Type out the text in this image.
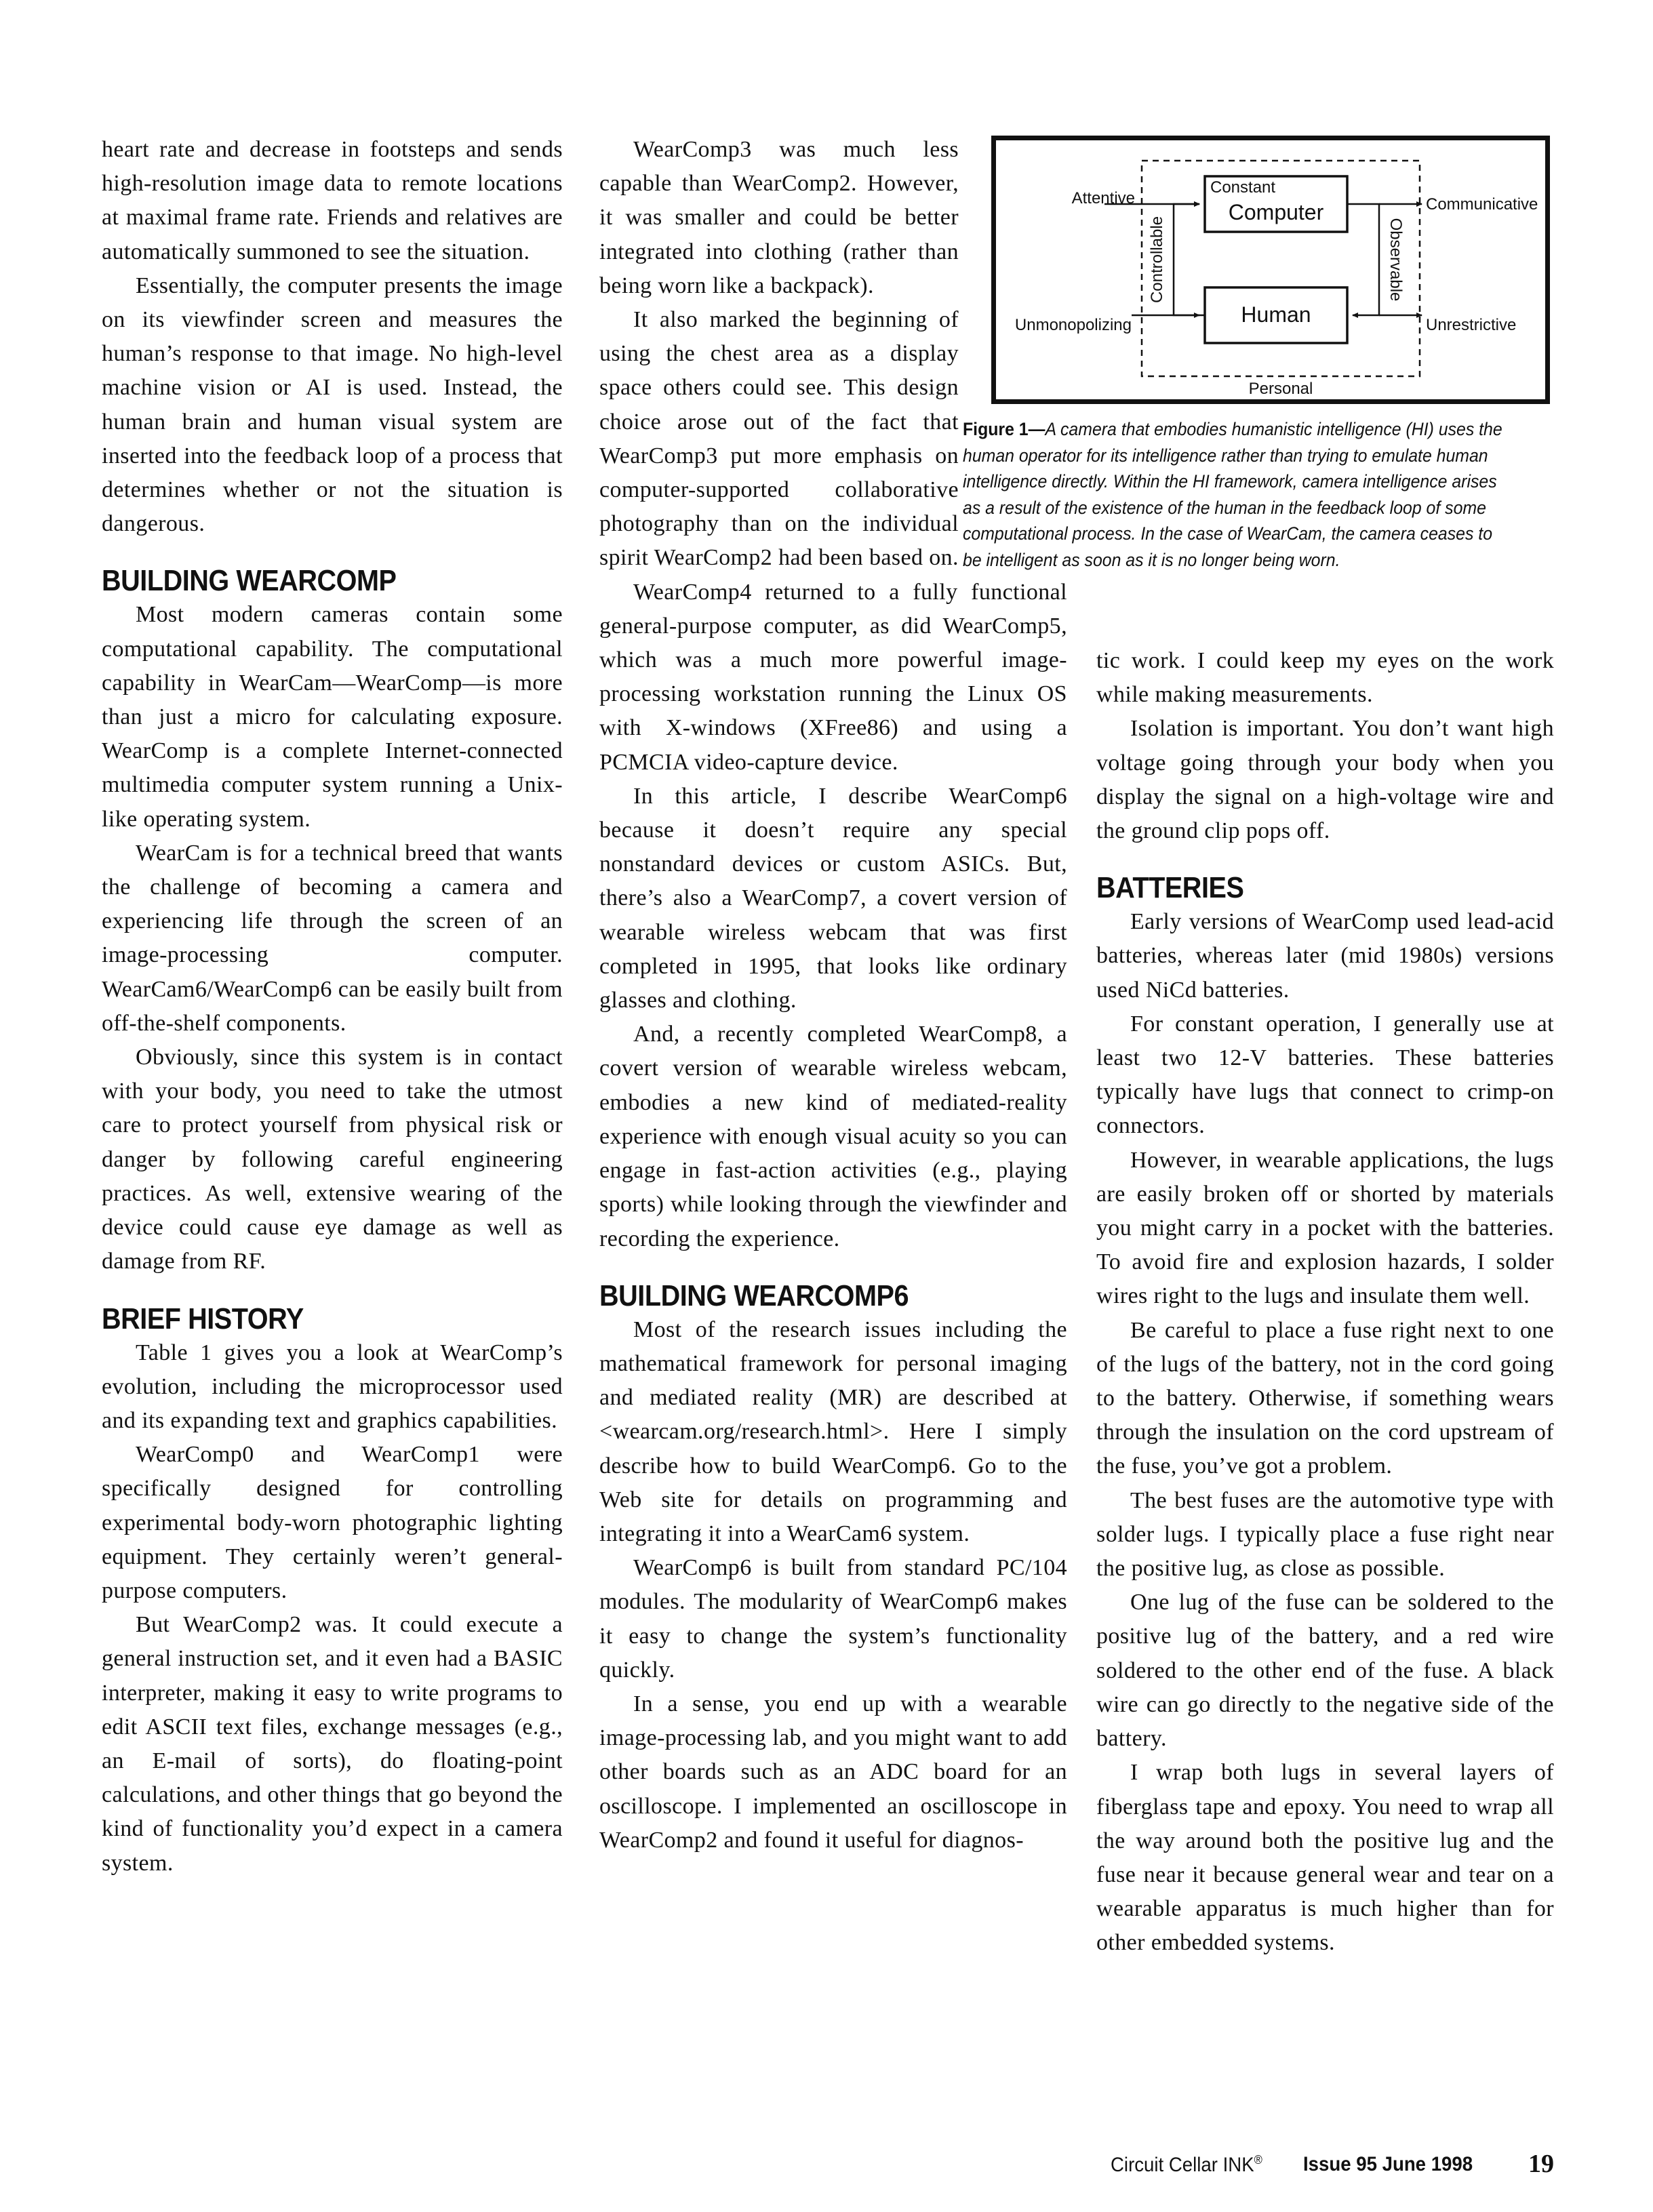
heart rate and decrease in footsteps and sends high-resolution image data to remote locations at maximal frame rate. Friends and relatives are automatically summoned to see the situation.

Essentially, the computer presents the image on its viewfinder screen and measures the human’s response to that image. No high-level machine vision or AI is used. Instead, the human brain and human visual system are inserted into the feedback loop of a process that determines whether or not the situation is dangerous.

BUILDING WEARCOMP

Most modern cameras contain some computational capability. The computational capability in WearCam—WearComp—is more than just a micro for calculating exposure. WearComp is a complete Internet-connected multimedia computer system running a Unix-like operating system.

WearCam is for a technical breed that wants the challenge of becoming a camera and experiencing life through the screen of an image-processing computer. WearCam6/WearComp6 can be easily built from off-the-shelf components.

Obviously, since this system is in contact with your body, you need to take the utmost care to protect yourself from physical risk or danger by following careful engineering practices. As well, extensive wearing of the device could cause eye damage as well as damage from RF.

BRIEF HISTORY

Table 1 gives you a look at WearComp’s evolution, including the microprocessor used and its expanding text and graphics capabilities.

WearComp0 and WearComp1 were specifically designed for controlling experimental body-worn photographic lighting equipment. They certainly weren’t general-purpose computers.

But WearComp2 was. It could execute a general instruction set, and it even had a BASIC interpreter, making it easy to write programs to edit ASCII text files, exchange messages (e.g., an E-mail of sorts), do floating-point calculations, and other things that go beyond the kind of functionality you’d expect in a camera system.

WearComp3 was much less capable than WearComp2. However, it was smaller and could be better integrated into clothing (rather than being worn like a backpack).

It also marked the beginning of using the chest area as a display space others could see. This design choice arose out of the fact that WearComp3 put more emphasis on computer-supported collaborative photography than on the individual spirit WearComp2 had been based on.

WearComp4 returned to a fully functional general-purpose computer, as did WearComp5, which was a much more powerful image-processing workstation running the Linux OS with X-windows (XFree86) and using a PCMCIA video-capture device.

In this article, I describe WearComp6 because it doesn’t require any special nonstandard devices or custom ASICs. But, there’s also a WearComp7, a covert version of wearable wireless webcam that was first completed in 1995, that looks like ordinary glasses and clothing.

And, a recently completed WearComp8, a covert version of wearable wireless webcam, embodies a new kind of mediated-reality experience with enough visual acuity so you can engage in fast-action activities (e.g., playing sports) while looking through the viewfinder and recording the experience.

BUILDING WEARCOMP6

Most of the research issues including the mathematical framework for personal imaging and mediated reality (MR) are described at <wearcam.org/research.html>. Here I simply describe how to build WearComp6. Go to the Web site for details on programming and integrating it into a WearCam6 system.

WearComp6 is built from standard PC/104 modules. The modularity of WearComp6 makes it easy to change the system’s functionality quickly.

In a sense, you end up with a wearable image-processing lab, and you might want to add other boards such as an ADC board for an oscilloscope. I implemented an oscilloscope in WearComp2 and found it useful for diagnos-

Constant
Computer
Human
Controllable	Observable
Attentive
Unmonopolizing
Communicative
Unrestrictive
Personal
Figure 1—A camera that embodies humanistic intelligence (HI) uses the human operator for its intelligence rather than trying to emulate human intelligence directly. Within the HI framework, camera intelligence arises as a result of the existence of the human in the feedback loop of some computational process. In the case of WearCam, the camera ceases to be intelligent as soon as it is no longer being worn.

tic work. I could keep my eyes on the work while making measurements.

Isolation is important. You don’t want high voltage going through your body when you display the signal on a high-voltage wire and the ground clip pops off.

BATTERIES

Early versions of WearComp used lead-acid batteries, whereas later (mid 1980s) versions used NiCd batteries.

For constant operation, I generally use at least two 12-V batteries. These batteries typically have lugs that connect to crimp-on connectors.

However, in wearable applications, the lugs are easily broken off or shorted by materials you might carry in a pocket with the batteries. To avoid fire and explosion hazards, I solder wires right to the lugs and insulate them well.

Be careful to place a fuse right next to one of the lugs of the battery, not in the cord going to the battery. Otherwise, if something wears through the insulation on the cord upstream of the fuse, you’ve got a problem.

The best fuses are the automotive type with solder lugs. I typically place a fuse right near the positive lug, as close as possible.

One lug of the fuse can be soldered to the positive lug of the battery, and a red wire soldered to the other end of the fuse. A black wire can go directly to the negative side of the battery.

I wrap both lugs in several layers of fiberglass tape and epoxy. You need to wrap all the way around both the positive lug and the fuse near it because general wear and tear on a wearable apparatus is much higher than for other embedded systems.

Circuit Cellar INK® Issue 95 June 1998 19
